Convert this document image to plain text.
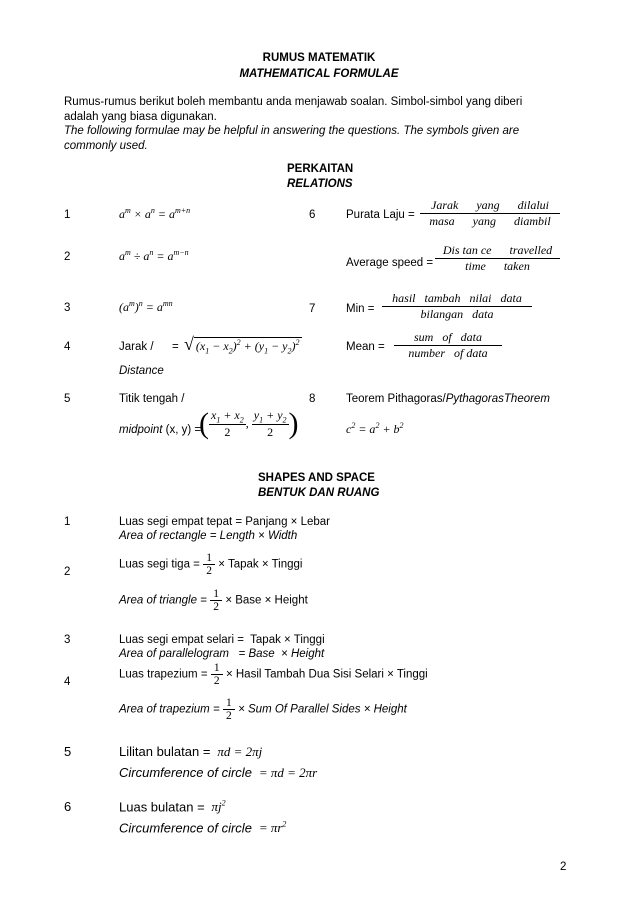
RUMUS MATEMATIK
MATHEMATICAL FORMULAE
Rumus-rumus berikut boleh membantu anda menjawab soalan. Simbol-simbol yang diberi
adalah yang biasa digunakan.
The following formulae may be helpful in answering the questions. The symbols given are
commonly used.
PERKAITAN
RELATIONS
1	$a^m \times a^n = a^{m+n}$
2	$a^m \div a^n = a^{m-n}$
3	$(a^m)^n = a^{mn}$
4	Jarak / = √ $(x_1 - x_2)^2 + (y_1 - y_2)^2$
Distance
5	Titik tengah /
midpoint (x, y) =
( $\frac{x_1 + x_2}{2}$ , $\frac{y_1 + y_2}{2}$ )
6	Purata Laju =
Jarak      yang      dilalui
masa      yang      diambil
Average speed =
Dis tan ce      travelled
time      taken
7	Min =
hasil   tambah   nilai   data
bilangan   data
Mean =
sum   of   data
number   of data
8	Teorem Pithagoras/PythagorasTheorem
$c^2 = a^2 + b^2$
SHAPES AND SPACE
BENTUK DAN RUANG
1	Luas segi empat tepat = Panjang × Lebar
Area of rectangle = Length × Width
2
Luas segi tiga = $\frac{1}{2}$ × Tapak × Tinggi
Area of triangle = $\frac{1}{2}$ × Base × Height
3	Luas segi empat selari =  Tapak × Tinggi
Area of parallelogram   = Base  × Height
4
Luas trapezium = $\frac{1}{2}$ × Hasil Tambah Dua Sisi Selari × Tinggi
Area of trapezium = $\frac{1}{2}$ × Sum Of Parallel Sides × Height
5	Lilitan bulatan =  πd = 2πj
Circumference of circle  = πd = 2πr
6	Luas bulatan =  $\pi j^2$
Circumference of circle  = $\pi r^2$
2
